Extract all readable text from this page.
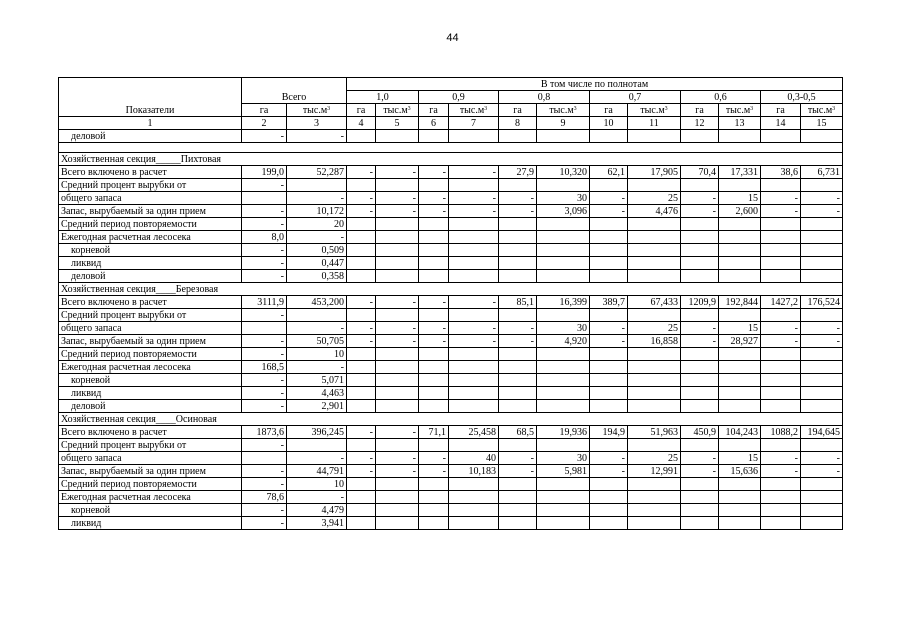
44
Показатели	Всего		В том числе по полнотам											
			1,0		0,9		0,8		0,7		0,6		0,3-0,5	
	га	$тыс.м^3$	га	$тыс.м^3$	га	$тыс.м^3$	га	$тыс.м^3$	га	$тыс.м^3$	га	$тыс.м^3$	га	$тыс.м^3$
1	2	3	4	5	6	7	8	9	10	11	12	13	14	15
деловой	-	-												

Хозяйственная секция_____Пихтовая														
Всего включено в расчет	199,0	52,287	-	-	-	-	27,9	10,320	62,1	17,905	70,4	17,331	38,6	6,731
Средний процент вырубки от	-													
общего запаса		-	-	-	-	-	-	30	-	25	-	15	-	-
Запас, вырубаемый за один прием	-	10,172	-	-	-	-	-	3,096	-	4,476	-	2,600	-	-
Средний период повторяемости	-	20												
Ежегодная расчетная лесосека	8,0	-												
корневой	-	0,509												
ликвид	-	0,447												
деловой	-	0,358												
Хозяйственная секция____Березовая														
Всего включено в расчет	3111,9	453,200	-	-	-	-	85,1	16,399	389,7	67,433	1209,9	192,844	1427,2	176,524
Средний процент вырубки от	-													
общего запаса		-	-	-	-	-	-	30	-	25	-	15	-	-
Запас, вырубаемый за один прием	-	50,705	-	-	-	-	-	4,920	-	16,858	-	28,927	-	-
Средний период повторяемости	-	10												
Ежегодная расчетная лесосека	168,5	-												
корневой	-	5,071												
ликвид	-	4,463												
деловой	-	2,901												
Хозяйственная секция____Осиновая														
Всего включено в расчет	1873,6	396,245	-	-	71,1	25,458	68,5	19,936	194,9	51,963	450,9	104,243	1088,2	194,645
Средний процент вырубки от	-													
общего запаса		-	-	-	-	40	-	30	-	25	-	15	-	-
Запас, вырубаемый за один прием	-	44,791	-	-	-	10,183	-	5,981	-	12,991	-	15,636	-	-
Средний период повторяемости	-	10												
Ежегодная расчетная лесосека	78,6	-												
корневой	-	4,479												
ликвид	-	3,941												
